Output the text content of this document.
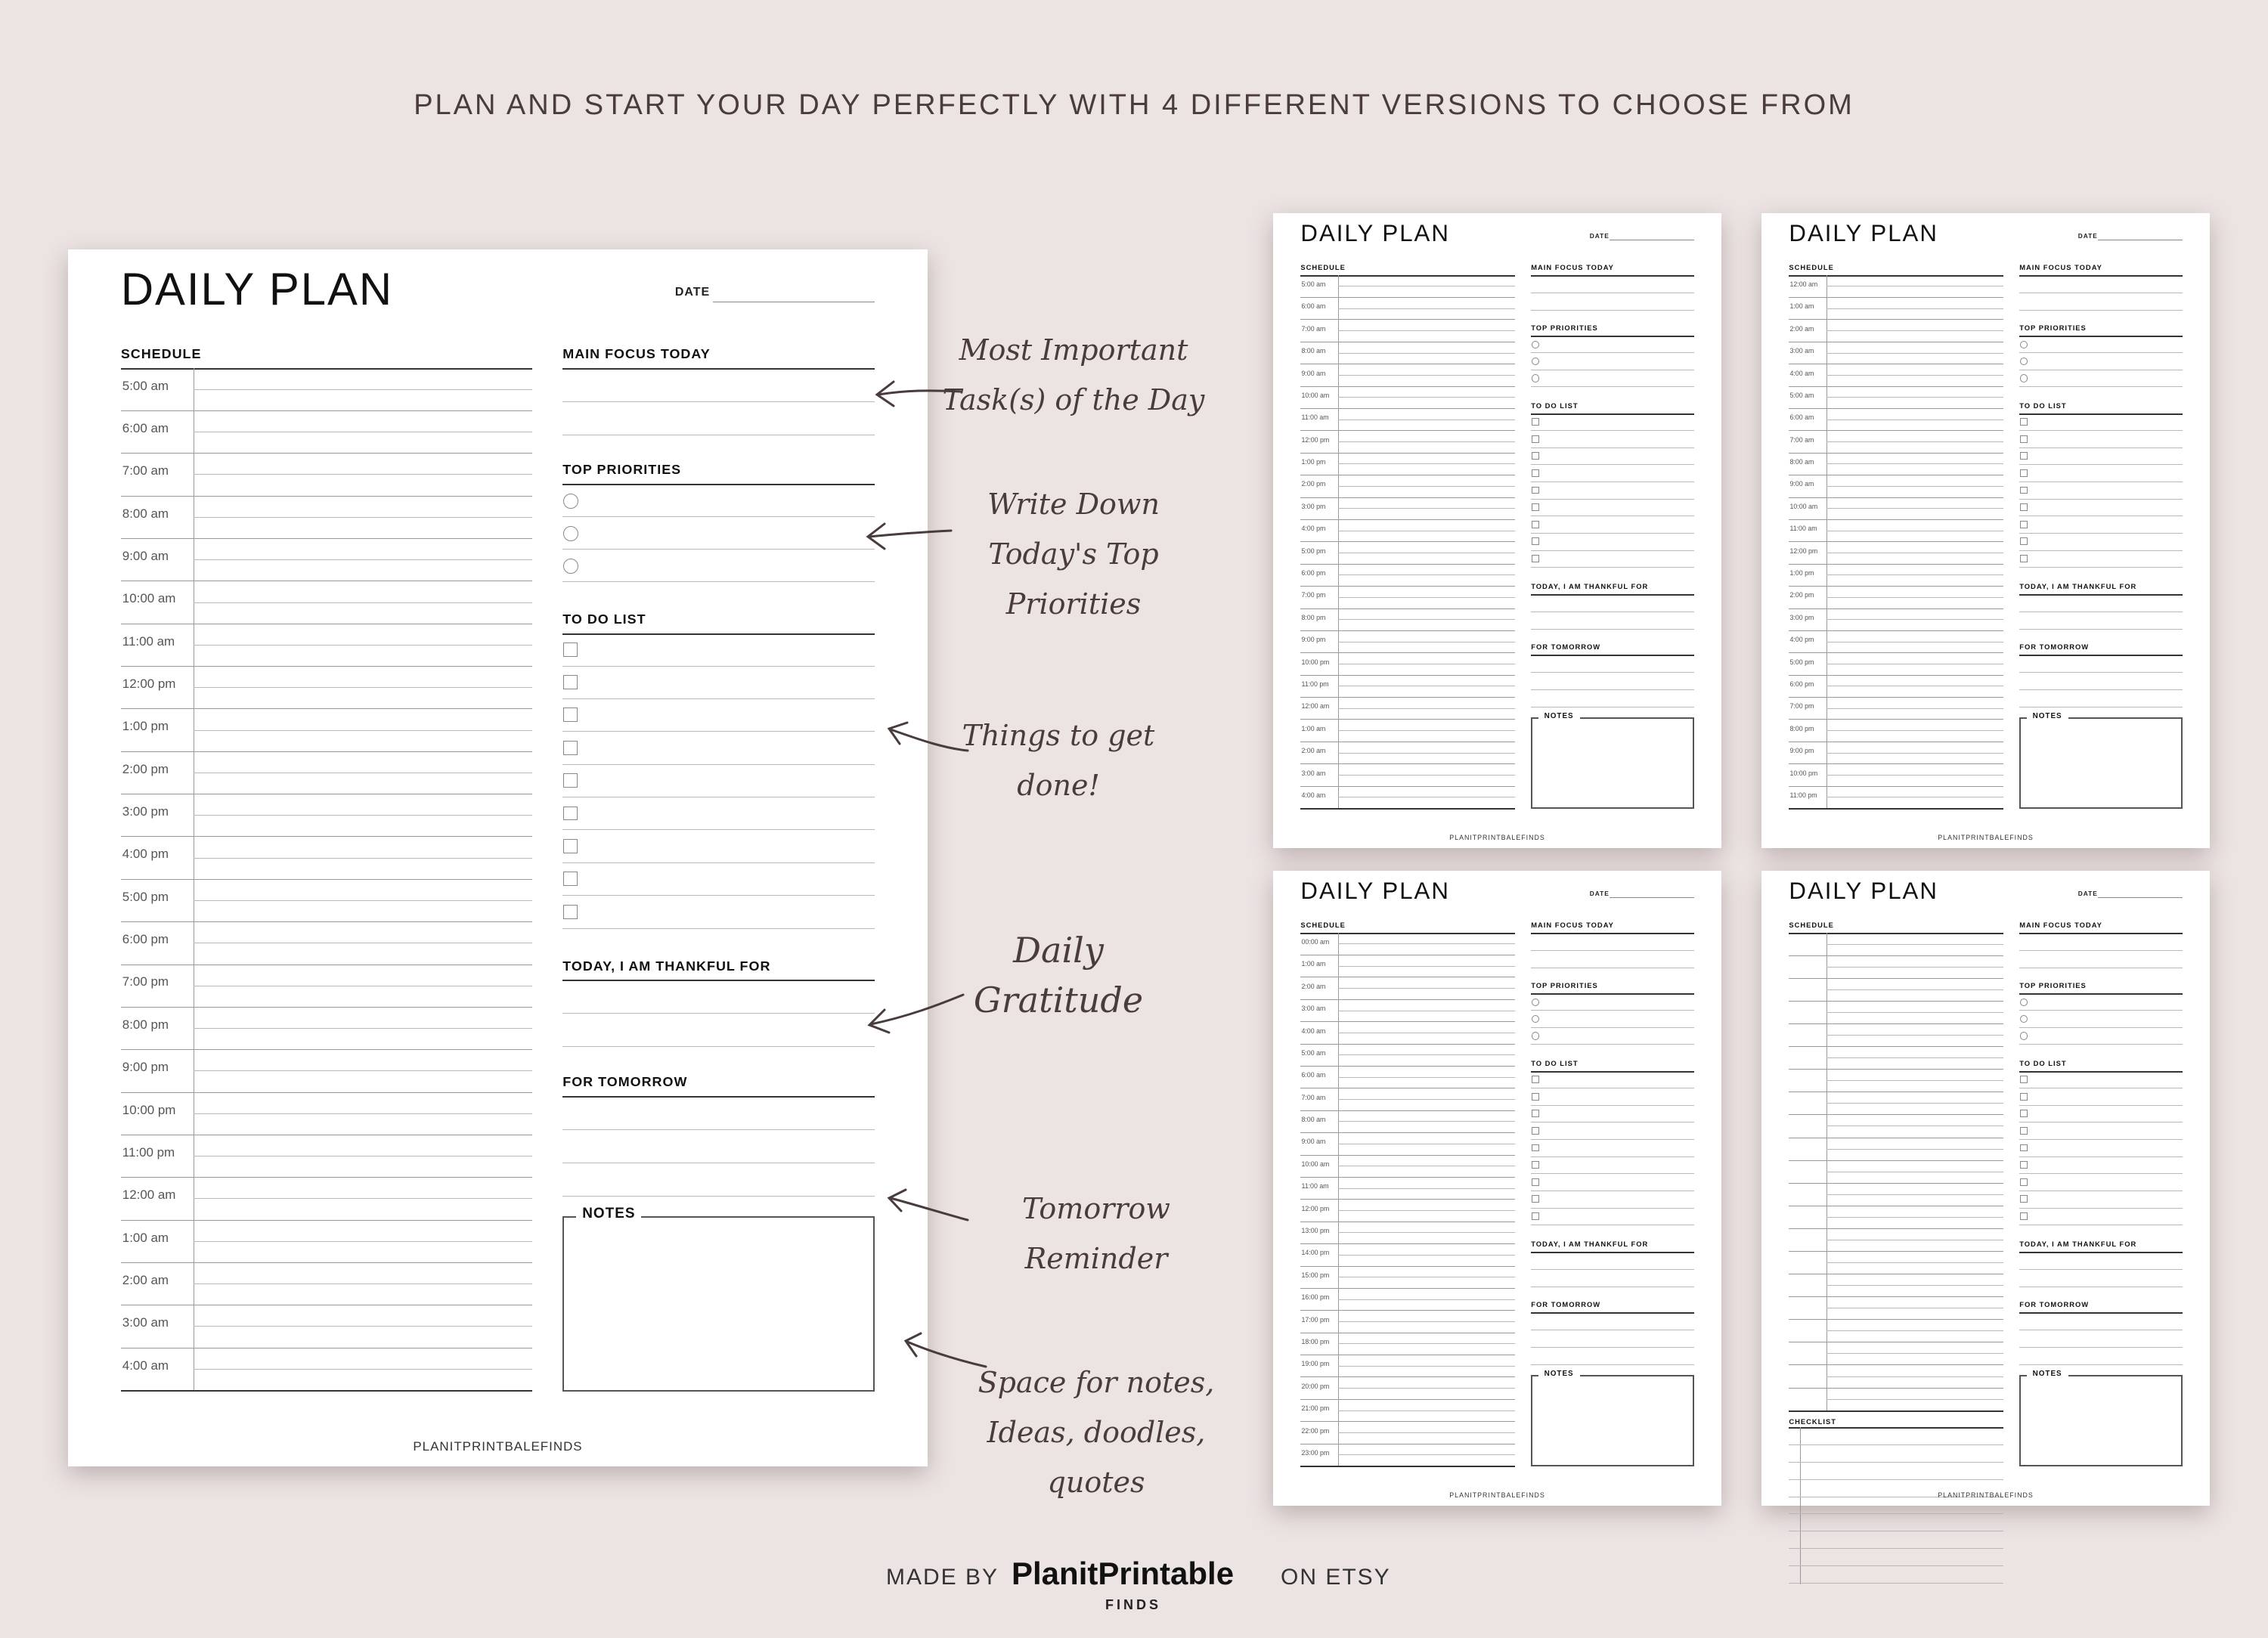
PLAN AND START YOUR DAY PERFECTLY WITH 4 DIFFERENT VERSIONS TO CHOOSE FROM
DAILY PLAN	DATE
SCHEDULE
5:00 am
6:00 am
7:00 am
8:00 am
9:00 am
10:00 am
11:00 am
12:00 pm
1:00 pm
2:00 pm
3:00 pm
4:00 pm
5:00 pm
6:00 pm
7:00 pm
8:00 pm
9:00 pm
10:00 pm
11:00 pm
12:00 am
1:00 am
2:00 am
3:00 am
4:00 am
MAIN FOCUS TODAY
TOP PRIORITIES
TO DO LIST
TODAY, I AM THANKFUL FOR
FOR TOMORROW
NOTES
PLANITPRINTBALEFINDS
DAILY PLAN	DATE
SCHEDULE
5:00 am
6:00 am
7:00 am
8:00 am
9:00 am
10:00 am
11:00 am
12:00 pm
1:00 pm
2:00 pm
3:00 pm
4:00 pm
5:00 pm
6:00 pm
7:00 pm
8:00 pm
9:00 pm
10:00 pm
11:00 pm
12:00 am
1:00 am
2:00 am
3:00 am
4:00 am
MAIN FOCUS TODAY
TOP PRIORITIES
TO DO LIST
TODAY, I AM THANKFUL FOR
FOR TOMORROW
NOTES
PLANITPRINTBALEFINDS
DAILY PLAN	DATE
SCHEDULE
12:00 am
1:00 am
2:00 am
3:00 am
4:00 am
5:00 am
6:00 am
7:00 am
8:00 am
9:00 am
10:00 am
11:00 am
12:00 pm
1:00 pm
2:00 pm
3:00 pm
4:00 pm
5:00 pm
6:00 pm
7:00 pm
8:00 pm
9:00 pm
10:00 pm
11:00 pm
MAIN FOCUS TODAY
TOP PRIORITIES
TO DO LIST
TODAY, I AM THANKFUL FOR
FOR TOMORROW
NOTES
PLANITPRINTBALEFINDS
DAILY PLAN	DATE
SCHEDULE
00:00 am
1:00 am
2:00 am
3:00 am
4:00 am
5:00 am
6:00 am
7:00 am
8:00 am
9:00 am
10:00 am
11:00 am
12:00 pm
13:00 pm
14:00 pm
15:00 pm
16:00 pm
17:00 pm
18:00 pm
19:00 pm
20:00 pm
21:00 pm
22:00 pm
23:00 pm
MAIN FOCUS TODAY
TOP PRIORITIES
TO DO LIST
TODAY, I AM THANKFUL FOR
FOR TOMORROW
NOTES
PLANITPRINTBALEFINDS
DAILY PLAN	DATE
SCHEDULE
CHECKLIST
MAIN FOCUS TODAY
TOP PRIORITIES
TO DO LIST
TODAY, I AM THANKFUL FOR
FOR TOMORROW
NOTES
PLANITPRINTBALEFINDS
Most Important
Task(s) of the Day
Write Down
Today's Top Priorities
Things to get
done!
Daily Gratitude
Tomorrow Reminder
Space for notes,
Ideas, doodles, quotes
MADE BY PlanitPrintable
FINDS
ON ETSY
